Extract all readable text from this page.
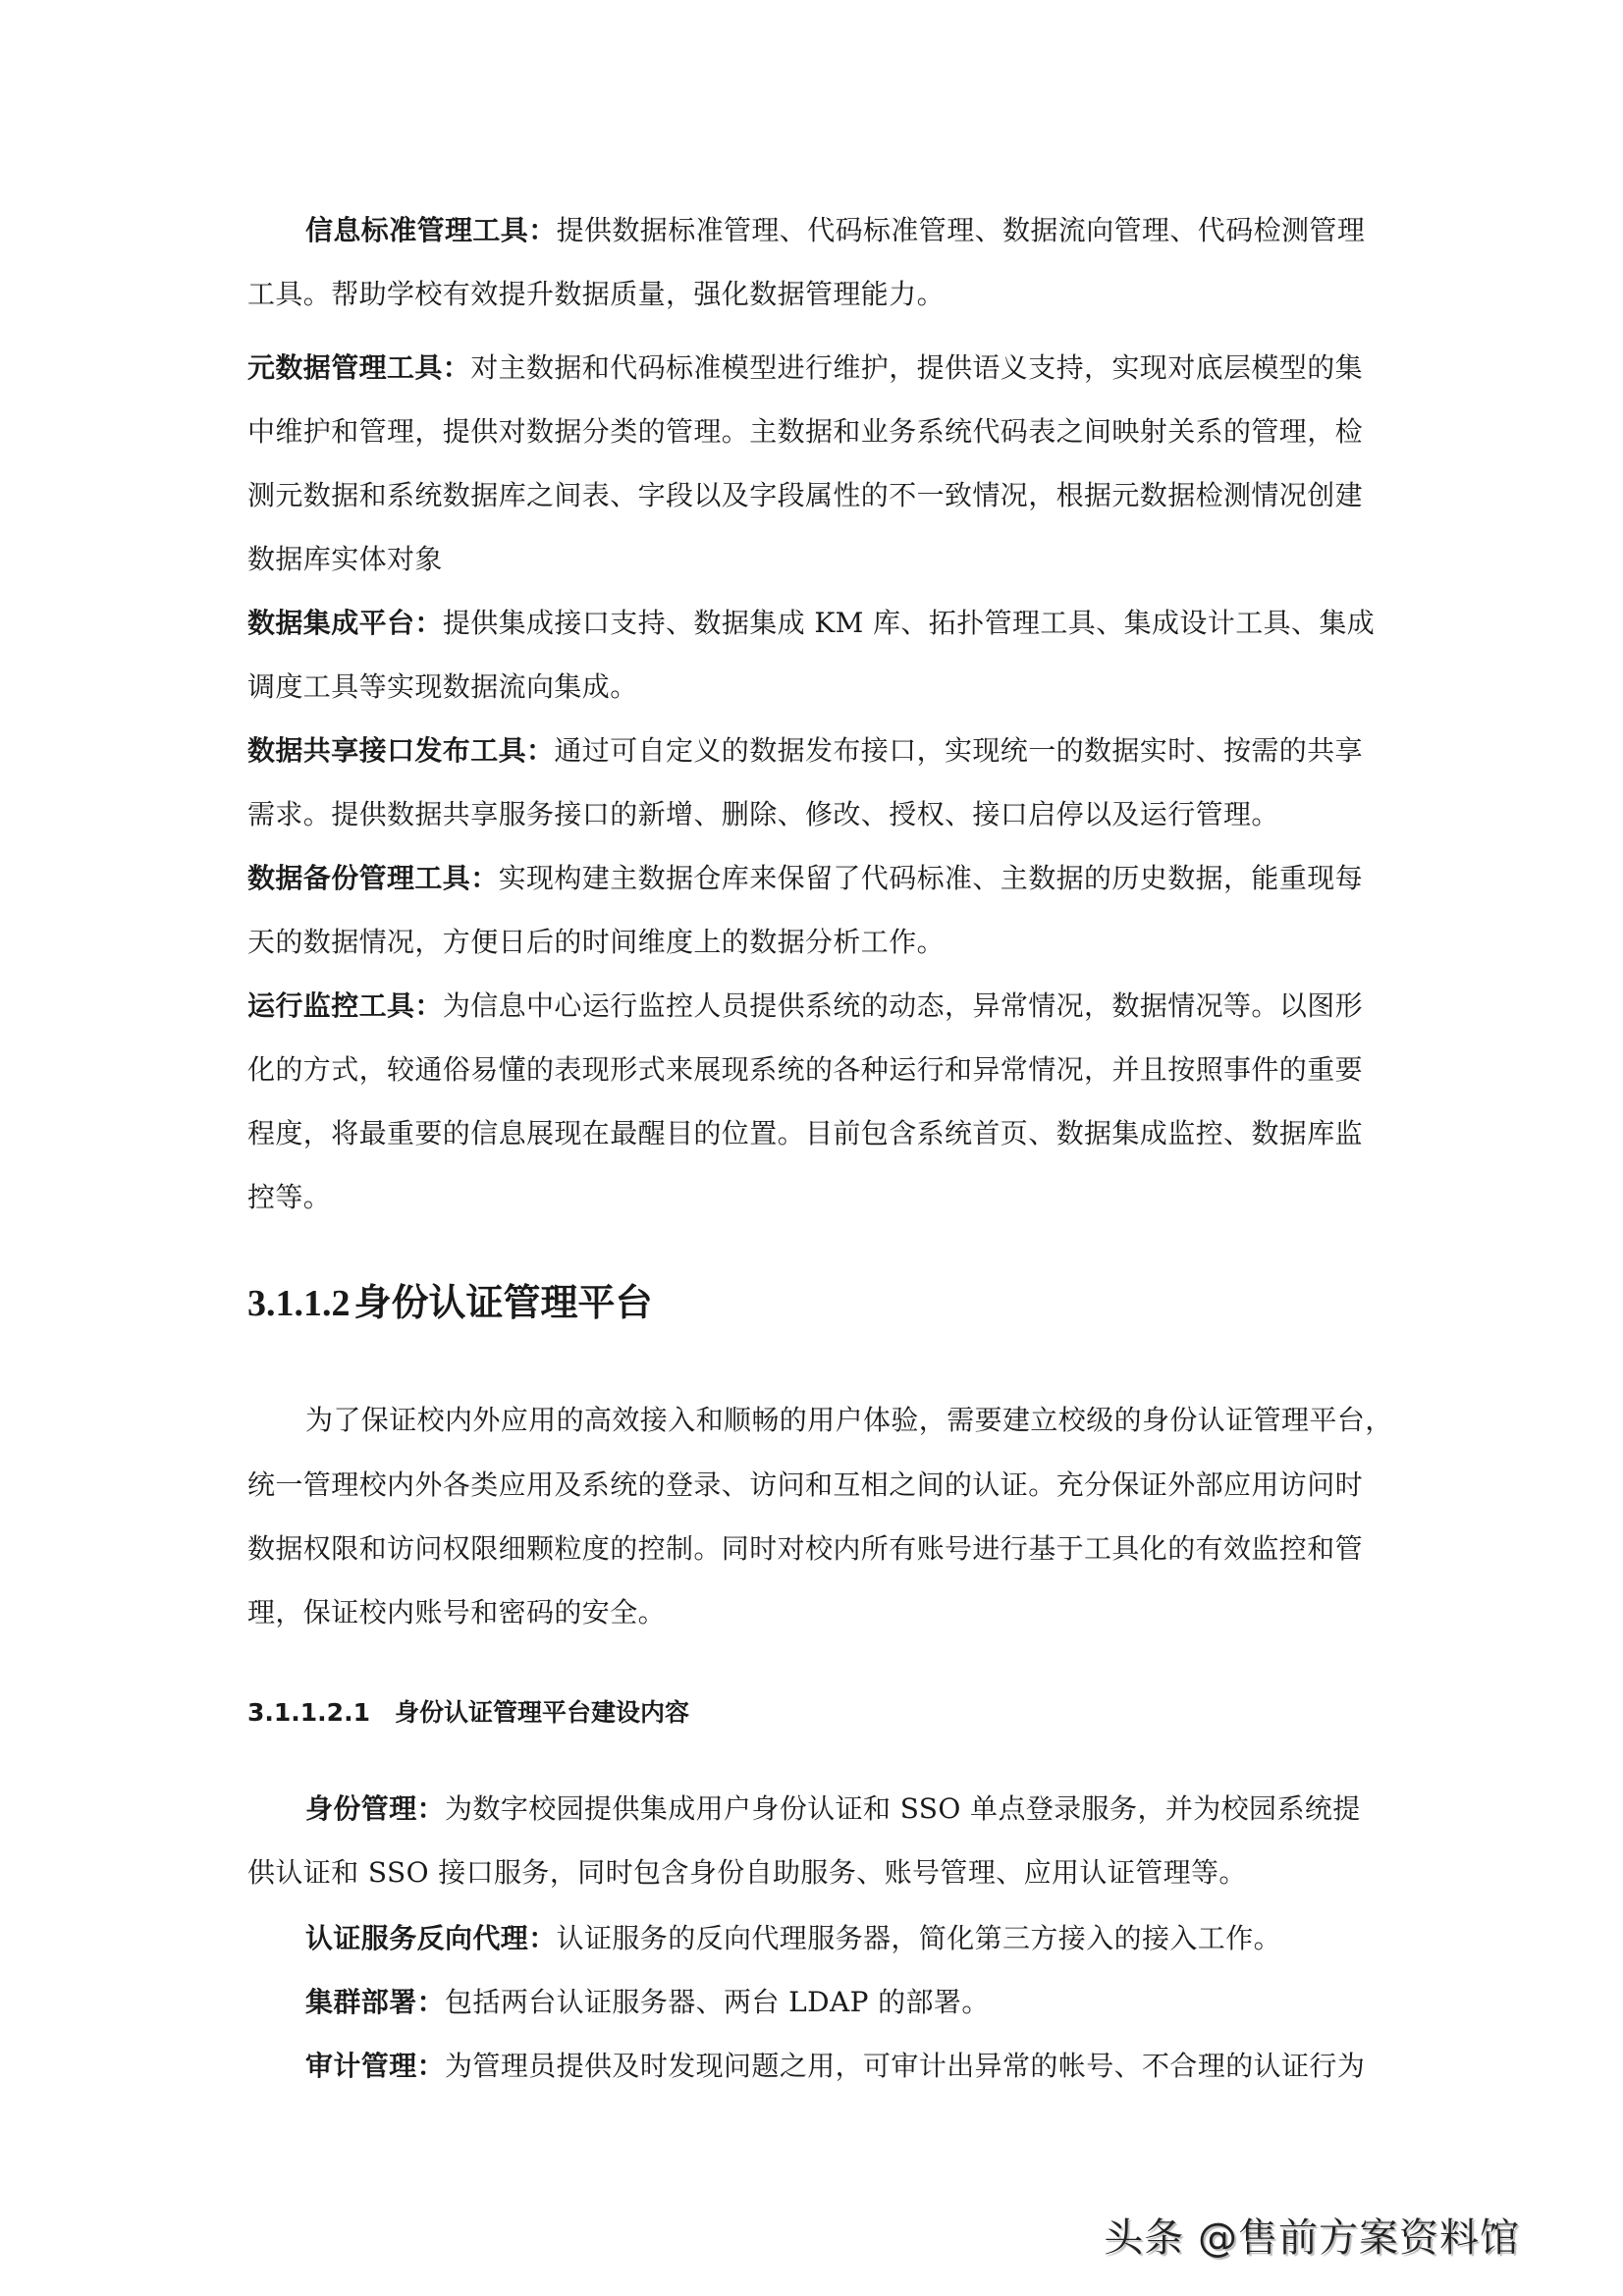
信息标准管理工具：提供数据标准管理、代码标准管理、数据流向管理、代码检测管理
工具。帮助学校有效提升数据质量，强化数据管理能力。
元数据管理工具：对主数据和代码标准模型进行维护，提供语义支持，实现对底层模型的集
中维护和管理，提供对数据分类的管理。主数据和业务系统代码表之间映射关系的管理，检
测元数据和系统数据库之间表、字段以及字段属性的不一致情况，根据元数据检测情况创建
数据库实体对象
数据集成平台：提供集成接口支持、数据集成 KM 库、拓扑管理工具、集成设计工具、集成
调度工具等实现数据流向集成。
数据共享接口发布工具：通过可自定义的数据发布接口，实现统一的数据实时、按需的共享
需求。提供数据共享服务接口的新增、删除、修改、授权、接口启停以及运行管理。
数据备份管理工具：实现构建主数据仓库来保留了代码标准、主数据的历史数据，能重现每
天的数据情况，方便日后的时间维度上的数据分析工作。
运行监控工具：为信息中心运行监控人员提供系统的动态，异常情况，数据情况等。以图形
化的方式，较通俗易懂的表现形式来展现系统的各种运行和异常情况，并且按照事件的重要
程度，将最重要的信息展现在最醒目的位置。目前包含系统首页、数据集成监控、数据库监
控等。
3.1.1.2 身份认证管理平台
为了保证校内外应用的高效接入和顺畅的用户体验，需要建立校级的身份认证管理平台，
统一管理校内外各类应用及系统的登录、访问和互相之间的认证。充分保证外部应用访问时
数据权限和访问权限细颗粒度的控制。同时对校内所有账号进行基于工具化的有效监控和管
理，保证校内账号和密码的安全。
3.1.1.2.1 身份认证管理平台建设内容
身份管理：为数字校园提供集成用户身份认证和 SSO 单点登录服务，并为校园系统提
供认证和 SSO 接口服务，同时包含身份自助服务、账号管理、应用认证管理等。
认证服务反向代理：认证服务的反向代理服务器，简化第三方接入的接入工作。
集群部署：包括两台认证服务器、两台 LDAP 的部署。
审计管理：为管理员提供及时发现问题之用，可审计出异常的帐号、不合理的认证行为
头条 @售前方案资料馆
